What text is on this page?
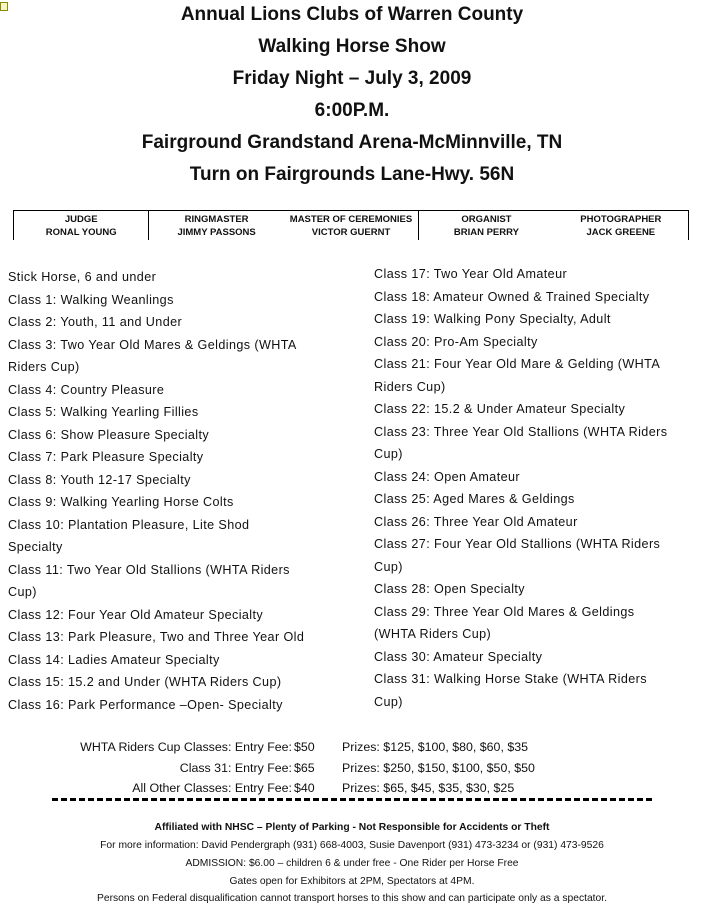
Annual Lions Clubs of Warren County
Walking Horse Show
Friday Night – July 3, 2009
6:00P.M.
Fairground Grandstand Arena-McMinnville, TN
Turn on Fairgrounds Lane-Hwy. 56N
JUDGE
RONAL YOUNG
RINGMASTER
JIMMY PASSONS
MASTER OF CEREMONIES
VICTOR GUERNT
ORGANIST
BRIAN PERRY
PHOTOGRAPHER
JACK GREENE
Stick Horse, 6 and under
Class 1: Walking Weanlings
Class 2: Youth, 11 and Under
Class 3: Two Year Old Mares & Geldings (WHTA
Riders Cup)
Class 4: Country Pleasure
Class 5: Walking Yearling Fillies
Class 6: Show Pleasure Specialty
Class 7: Park Pleasure Specialty
Class 8: Youth 12-17 Specialty
Class 9: Walking Yearling Horse Colts
Class 10: Plantation Pleasure, Lite Shod
Specialty
Class 11: Two Year Old Stallions (WHTA Riders
Cup)
Class 12: Four Year Old Amateur Specialty
Class 13: Park Pleasure, Two and Three Year Old
Class 14: Ladies Amateur Specialty
Class 15: 15.2 and Under (WHTA Riders Cup)
Class 16: Park Performance –Open- Specialty
Class 17: Two Year Old Amateur
Class 18: Amateur Owned & Trained Specialty
Class 19: Walking Pony Specialty, Adult
Class 20: Pro-Am Specialty
Class 21: Four Year Old Mare & Gelding (WHTA
Riders Cup)
Class 22: 15.2 & Under Amateur Specialty
Class 23: Three Year Old Stallions (WHTA Riders
Cup)
Class 24: Open Amateur
Class 25: Aged Mares & Geldings
Class 26: Three Year Old Amateur
Class 27: Four Year Old Stallions (WHTA Riders
Cup)
Class 28: Open Specialty
Class 29: Three Year Old Mares & Geldings
(WHTA Riders Cup)
Class 30: Amateur Specialty
Class 31: Walking Horse Stake (WHTA Riders
Cup)
WHTA Riders Cup Classes: Entry Fee: $50 Prizes: $125, $100, $80, $60, $35
Class 31: Entry Fee: $65 Prizes: $250, $150, $100, $50, $50
All Other Classes: Entry Fee: $40 Prizes: $65, $45, $35, $30, $25
Affiliated with NHSC – Plenty of Parking - Not Responsible for Accidents or Theft
For more information: David Pendergraph (931) 668-4003, Susie Davenport (931) 473-3234 or (931) 473-9526
ADMISSION: $6.00 – children 6 & under free - One Rider per Horse Free
Gates open for Exhibitors at 2PM, Spectators at 4PM.
Persons on Federal disqualification cannot transport horses to this show and can participate only as a spectator.
